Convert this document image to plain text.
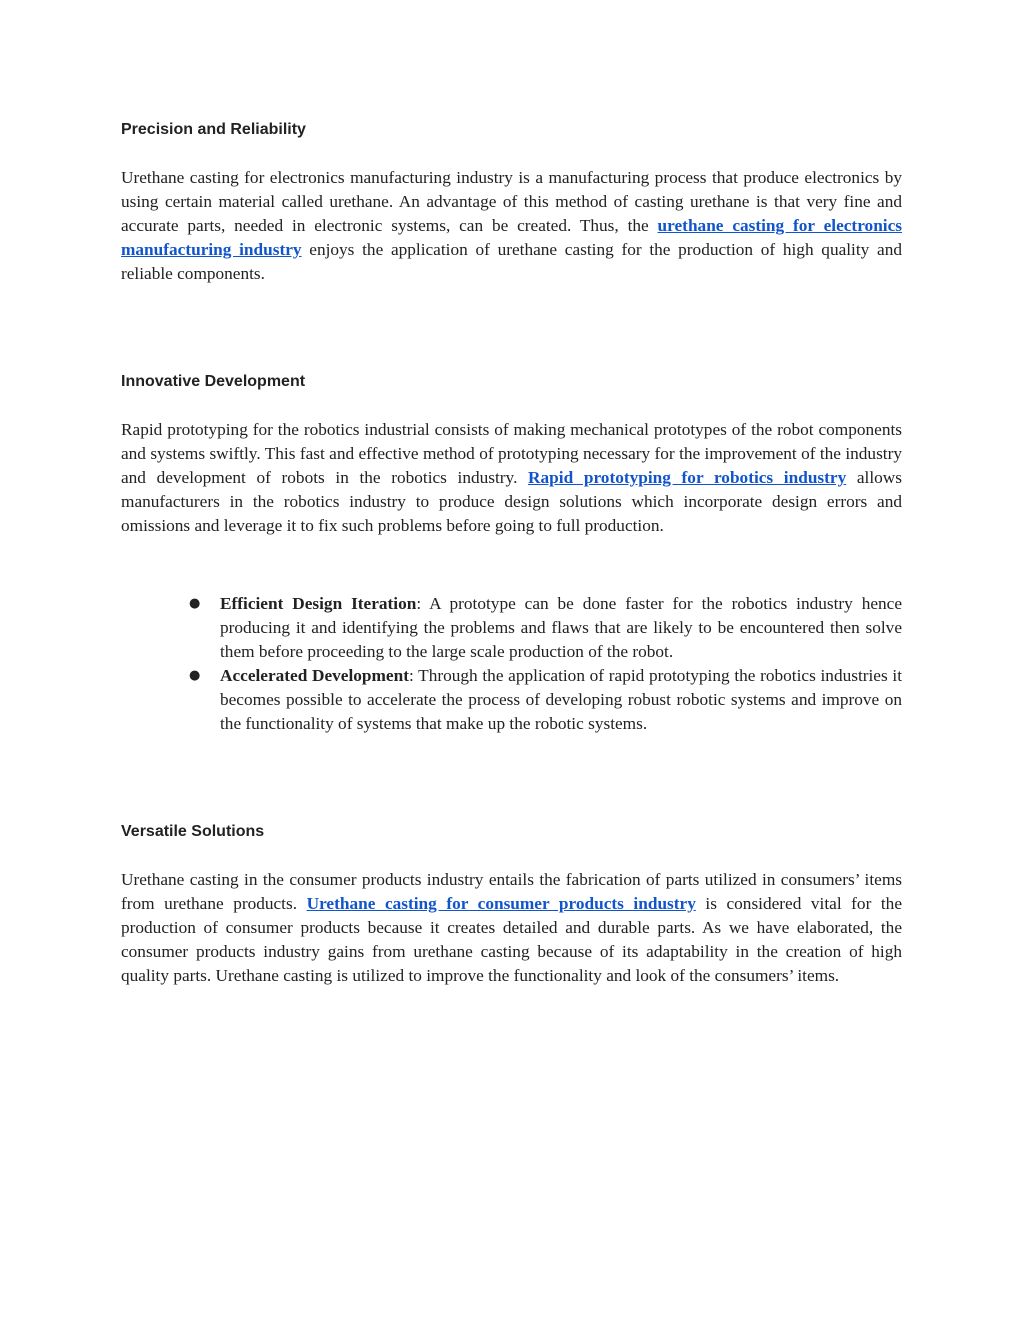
Precision and Reliability

Urethane casting for electronics manufacturing industry is a manufacturing process that produce electronics by using certain material called urethane. An advantage of this method of casting urethane is that very fine and accurate parts, needed in electronic systems, can be created. Thus, the urethane casting for electronics manufacturing industry enjoys the application of urethane casting for the production of high quality and reliable components.

Innovative Development

Rapid prototyping for the robotics industrial consists of making mechanical prototypes of the robot components and systems swiftly. This fast and effective method of prototyping necessary for the improvement of the industry and development of robots in the robotics industry. Rapid prototyping for robotics industry allows manufacturers in the robotics industry to produce design solutions which incorporate design errors and omissions and leverage it to fix such problems before going to full production.

● Efficient Design Iteration: A prototype can be done faster for the robotics industry hence producing it and identifying the problems and flaws that are likely to be encountered then solve them before proceeding to the large scale production of the robot.
● Accelerated Development: Through the application of rapid prototyping the robotics industries it becomes possible to accelerate the process of developing robust robotic systems and improve on the functionality of systems that make up the robotic systems.
Versatile Solutions

Urethane casting in the consumer products industry entails the fabrication of parts utilized in consumers’ items from urethane products. Urethane casting for consumer products industry is considered vital for the production of consumer products because it creates detailed and durable parts. As we have elaborated, the consumer products industry gains from urethane casting because of its adaptability in the creation of high quality parts. Urethane casting is utilized to improve the functionality and look of the consumers’ items.
